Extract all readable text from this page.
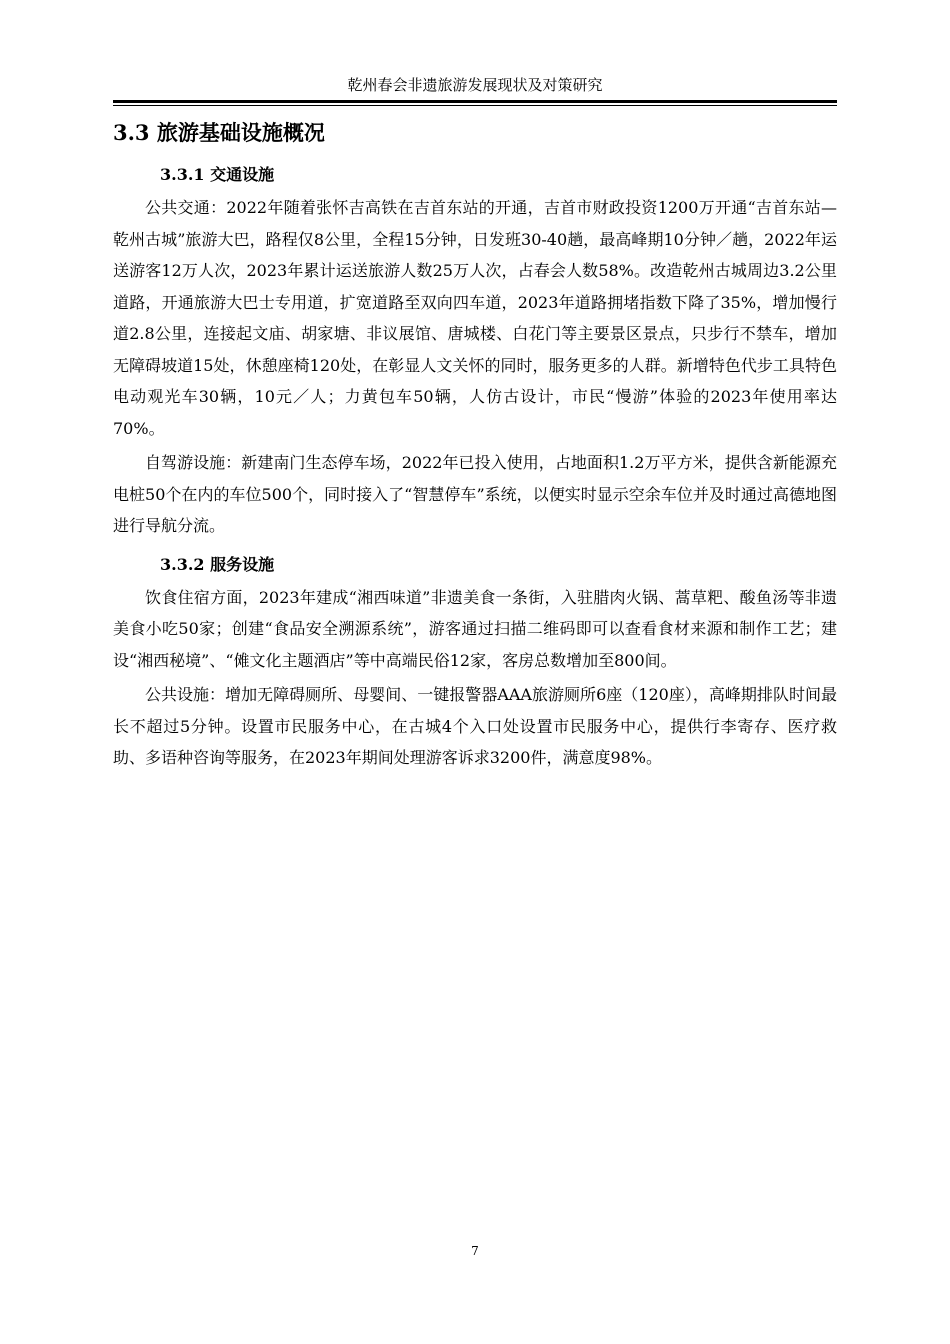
乾州春会非遗旅游发展现状及对策研究
3.3 旅游基础设施概况
3.3.1 交通设施

公共交通：2022年随着张怀吉高铁在吉首东站的开通，吉首市财政投资1200万开通“吉首东站—乾州古城”旅游大巴，路程仅8公里，全程15分钟，日发班30-40趟，最高峰期10分钟／趟，2022年运送游客12万人次，2023年累计运送旅游人数25万人次，占春会人数58%。改造乾州古城周边3.2公里道路，开通旅游大巴士专用道，扩宽道路至双向四车道，2023年道路拥堵指数下降了35%，增加慢行道2.8公里，连接起文庙、胡家塘、非议展馆、唐城楼、白花门等主要景区景点，只步行不禁车，增加无障碍坡道15处，休憩座椅120处，在彰显人文关怀的同时，服务更多的人群。新增特色代步工具特色电动观光车30辆，10元／人；力黄包车50辆，人仿古设计，市民“慢游”体验的2023年使用率达70%。

自驾游设施：新建南门生态停车场，2022年已投入使用，占地面积1.2万平方米，提供含新能源充电桩50个在内的车位500个，同时接入了“智慧停车”系统，以便实时显示空余车位并及时通过高德地图进行导航分流。

3.3.2 服务设施

饮食住宿方面，2023年建成“湘西味道”非遗美食一条街，入驻腊肉火锅、蒿草粑、酸鱼汤等非遗美食小吃50家；创建“食品安全溯源系统”，游客通过扫描二维码即可以查看食材来源和制作工艺；建设“湘西秘境”、“傩文化主题酒店”等中高端民俗12家，客房总数增加至800间。

公共设施：增加无障碍厕所、母婴间、一键报警器AAA旅游厕所6座（120座），高峰期排队时间最长不超过5分钟。设置市民服务中心，在古城4个入口处设置市民服务中心，提供行李寄存、医疗救助、多语种咨询等服务，在2023年期间处理游客诉求3200件，满意度98%。

7
